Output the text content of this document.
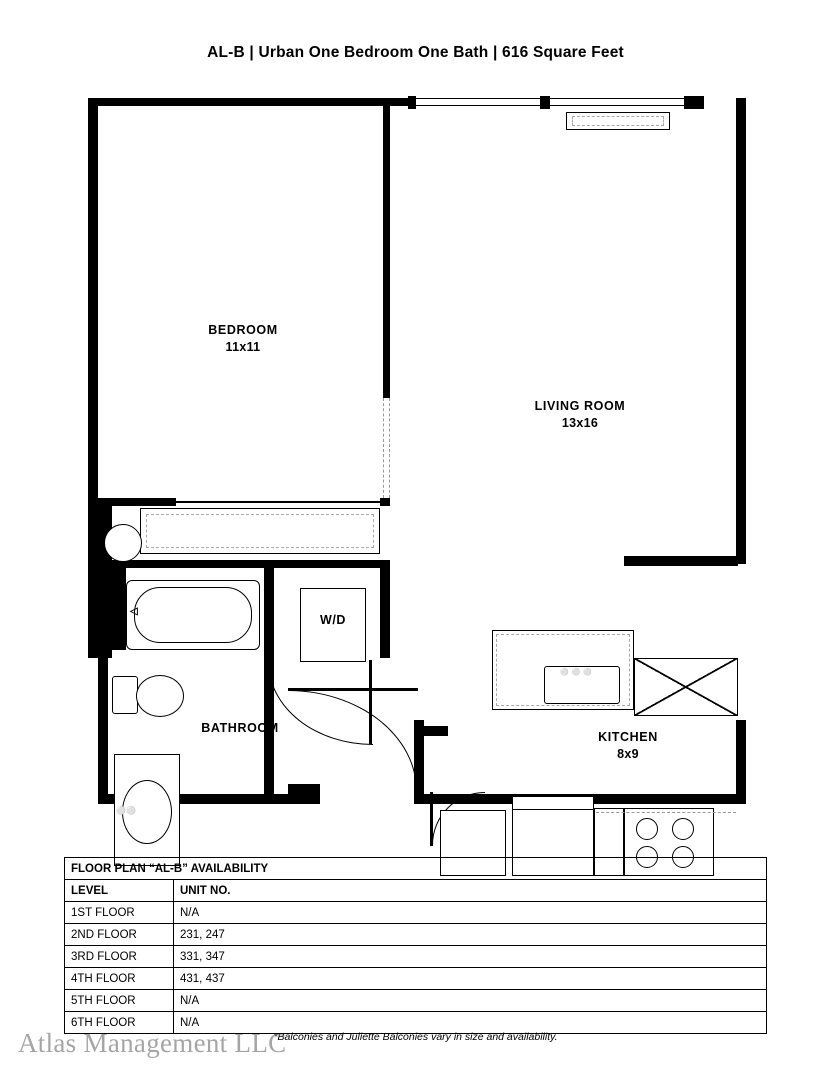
AL-B | Urban One Bedroom One Bath | 616 Square Feet
◁
⚪⚪
W/D
BATHROOM
⚪⚪⚪
BEDROOM
11x11
LIVING ROOM
13x16
KITCHEN
8x9
FLOOR PLAN “AL-B” AVAILABILITY	
LEVEL	UNIT NO.
1ST FLOOR	N/A
2ND FLOOR	231, 247
3RD FLOOR	331, 347
4TH FLOOR	431, 437
5TH FLOOR	N/A
6TH FLOOR	N/A
*Balconies and Juliette Balconies vary in size and availability.
Atlas Management LLC
